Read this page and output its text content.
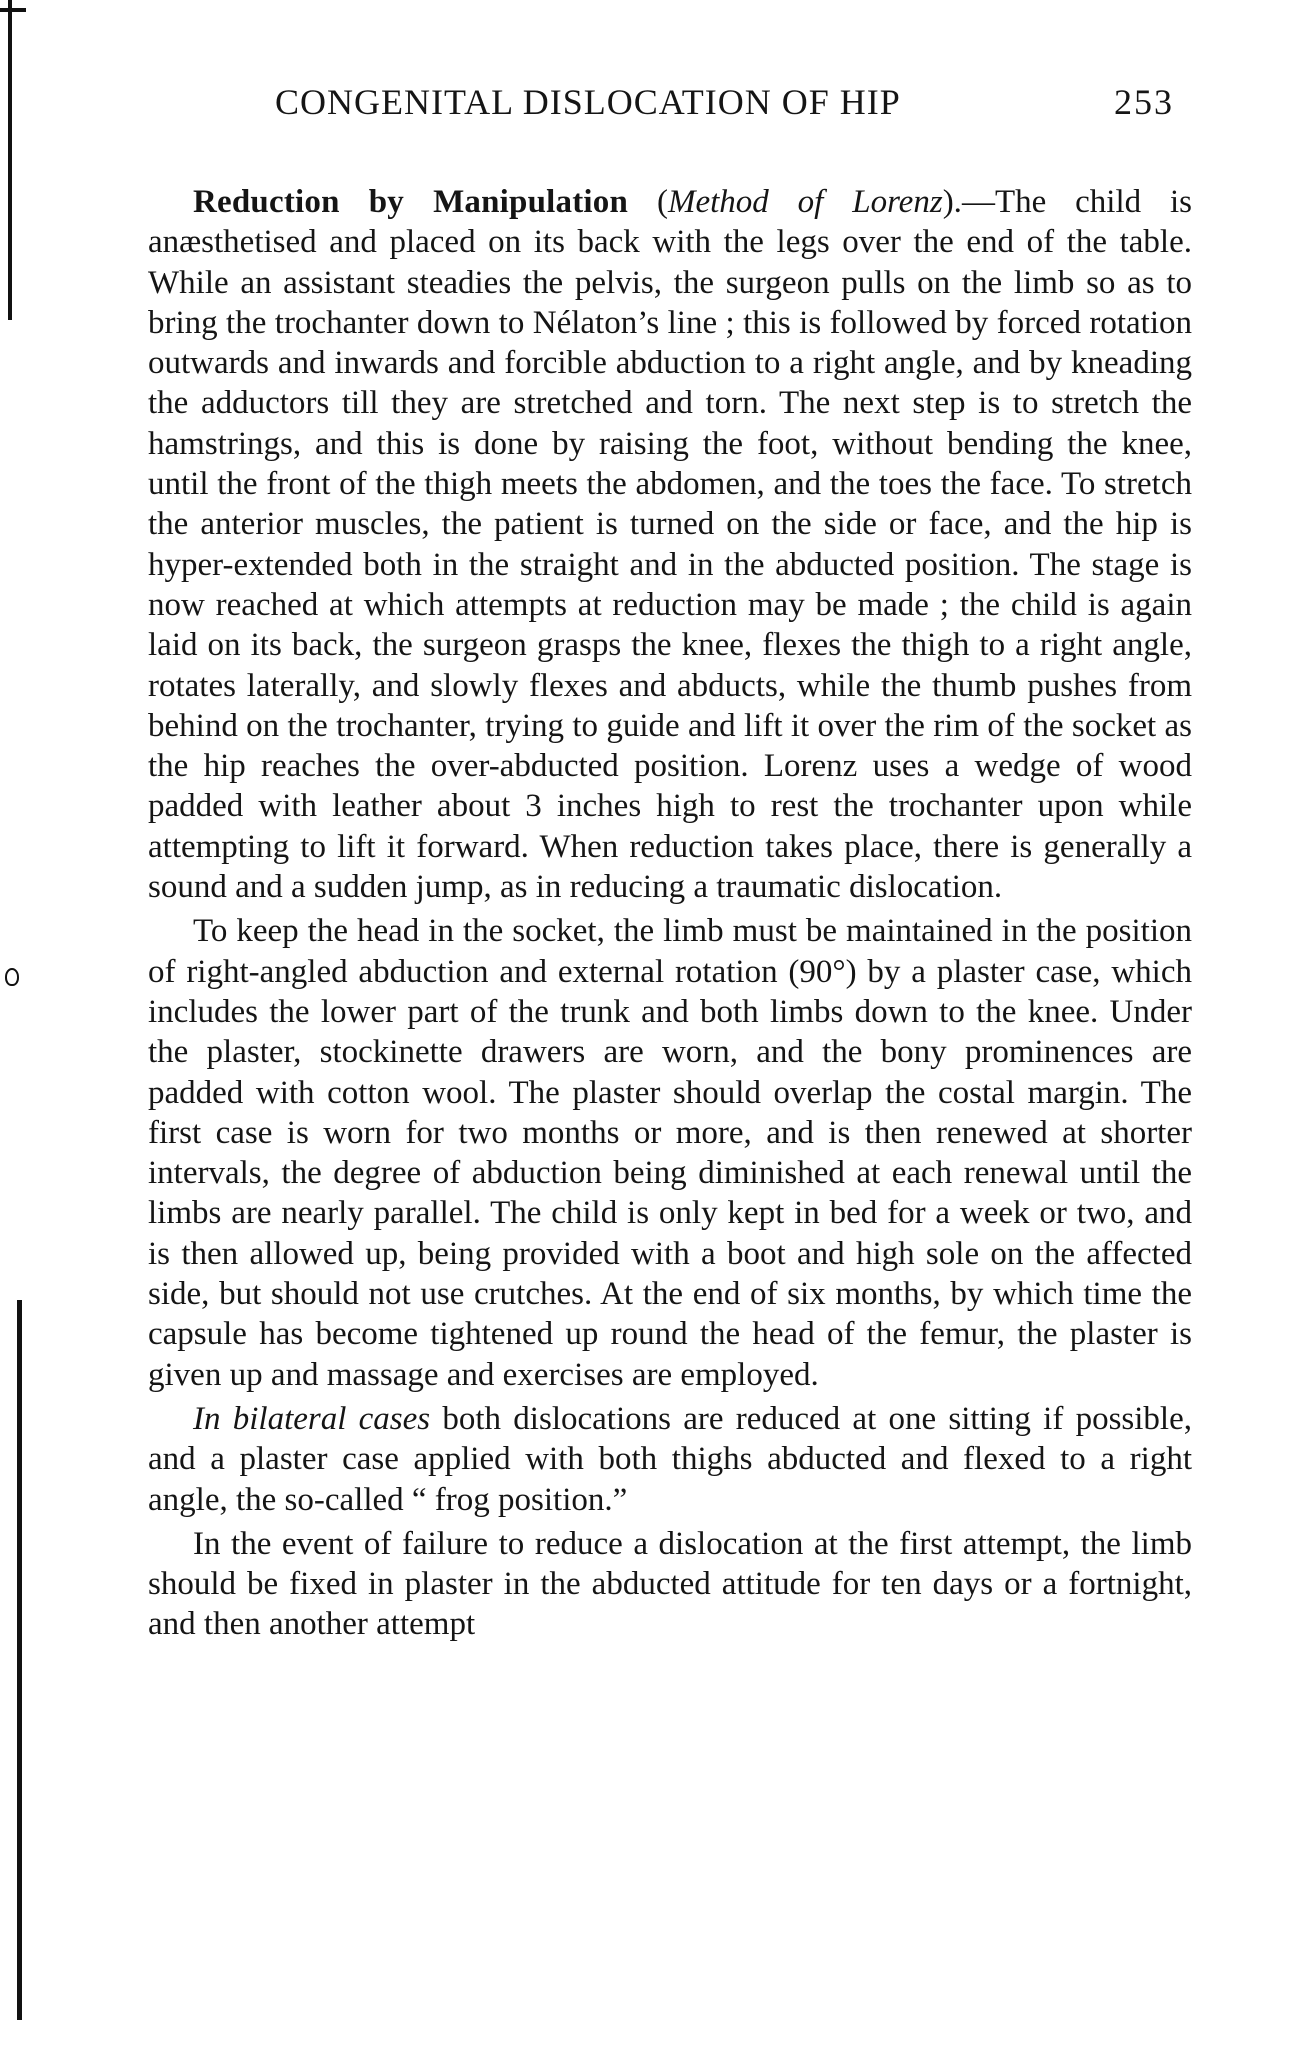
CONGENITAL DISLOCATION OF HIP	253

Reduction by Manipulation (Method of Lorenz).—The child is anæsthetised and placed on its back with the legs over the end of the table. While an assistant steadies the pelvis, the surgeon pulls on the limb so as to bring the trochanter down to Nélaton’s line ; this is followed by forced rotation outwards and inwards and forcible abduction to a right angle, and by kneading the adductors till they are stretched and torn. The next step is to stretch the hamstrings, and this is done by raising the foot, without bending the knee, until the front of the thigh meets the abdomen, and the toes the face. To stretch the anterior muscles, the patient is turned on the side or face, and the hip is hyper-extended both in the straight and in the abducted position. The stage is now reached at which attempts at reduction may be made ; the child is again laid on its back, the surgeon grasps the knee, flexes the thigh to a right angle, rotates laterally, and slowly flexes and abducts, while the thumb pushes from behind on the trochanter, trying to guide and lift it over the rim of the socket as the hip reaches the over-abducted position. Lorenz uses a wedge of wood padded with leather about 3 inches high to rest the trochanter upon while attempting to lift it forward. When reduction takes place, there is generally a sound and a sudden jump, as in reducing a traumatic dislocation.

To keep the head in the socket, the limb must be maintained in the position of right-angled abduction and external rotation (90°) by a plaster case, which includes the lower part of the trunk and both limbs down to the knee. Under the plaster, stockinette drawers are worn, and the bony prominences are padded with cotton wool. The plaster should overlap the costal margin. The first case is worn for two months or more, and is then renewed at shorter intervals, the degree of abduction being diminished at each renewal until the limbs are nearly parallel. The child is only kept in bed for a week or two, and is then allowed up, being provided with a boot and high sole on the affected side, but should not use crutches. At the end of six months, by which time the capsule has become tightened up round the head of the femur, the plaster is given up and massage and exercises are employed.

In bilateral cases both dislocations are reduced at one sitting if possible, and a plaster case applied with both thighs abducted and flexed to a right angle, the so-called “ frog position.”

In the event of failure to reduce a dislocation at the first attempt, the limb should be fixed in plaster in the abducted attitude for ten days or a fortnight, and then another attempt
